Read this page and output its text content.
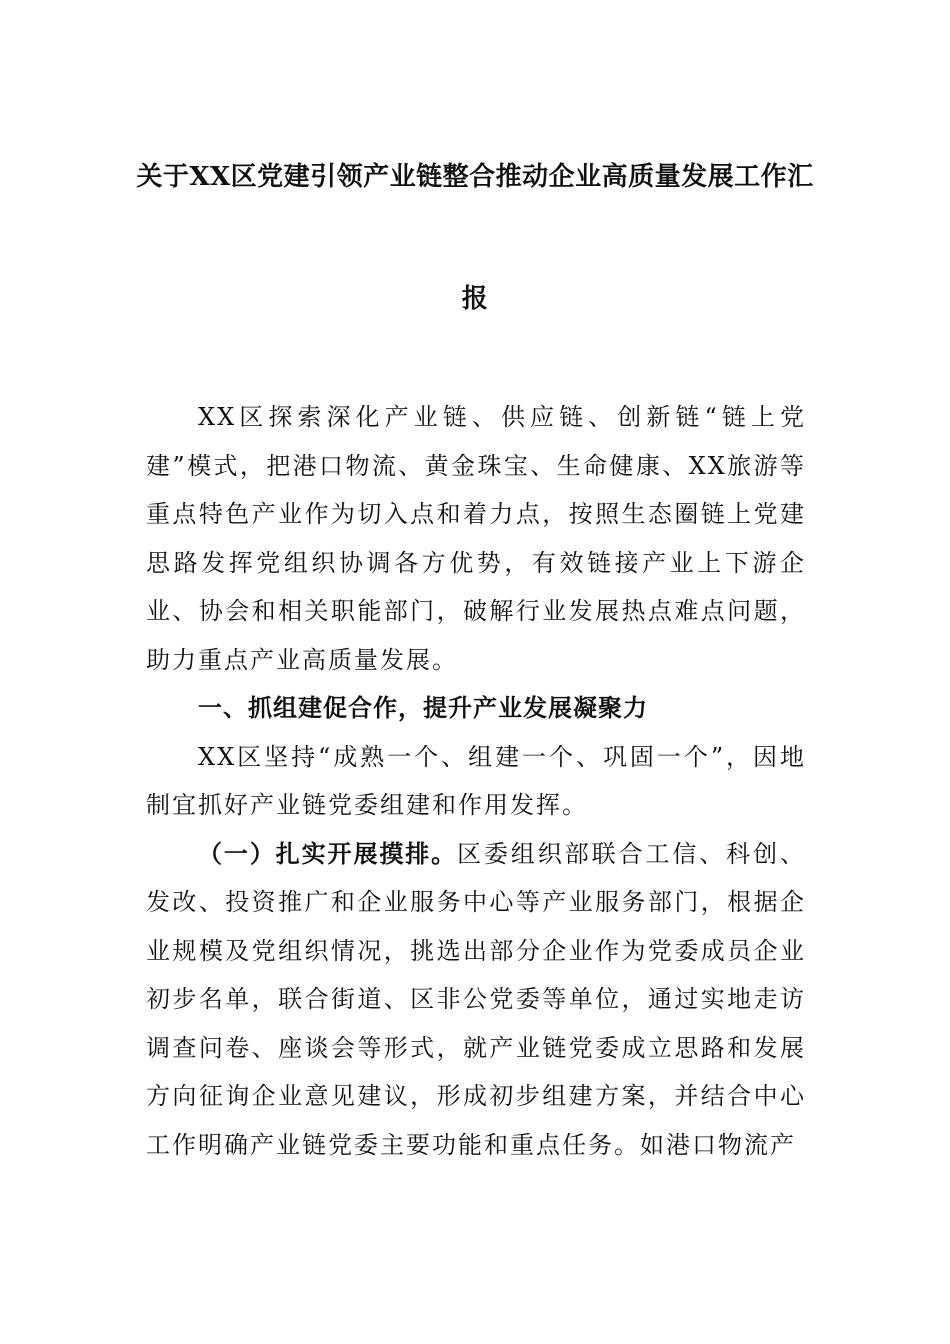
关于XX区党建引领产业链整合推动企业高质量发展工作汇
报

XX区探索深化产业链、供应链、创新链“链上党建”模式，把港口物流、黄金珠宝、生命健康、XX旅游等重点特色产业作为切入点和着力点，按照生态圈链上党建思路发挥党组织协调各方优势，有效链接产业上下游企业、协会和相关职能部门，破解行业发展热点难点问题，助力重点产业高质量发展。

一、抓组建促合作，提升产业发展凝聚力

XX区坚持“成熟一个、组建一个、巩固一个”，因地制宜抓好产业链党委组建和作用发挥。

（一）扎实开展摸排。区委组织部联合工信、科创、发改、投资推广和企业服务中心等产业服务部门，根据企业规模及党组织情况，挑选出部分企业作为党委成员企业初步名单，联合街道、区非公党委等单位，通过实地走访调查问卷、座谈会等形式，就产业链党委成立思路和发展方向征询企业意见建议，形成初步组建方案，并结合中心工作明确产业链党委主要功能和重点任务。如港口物流产
